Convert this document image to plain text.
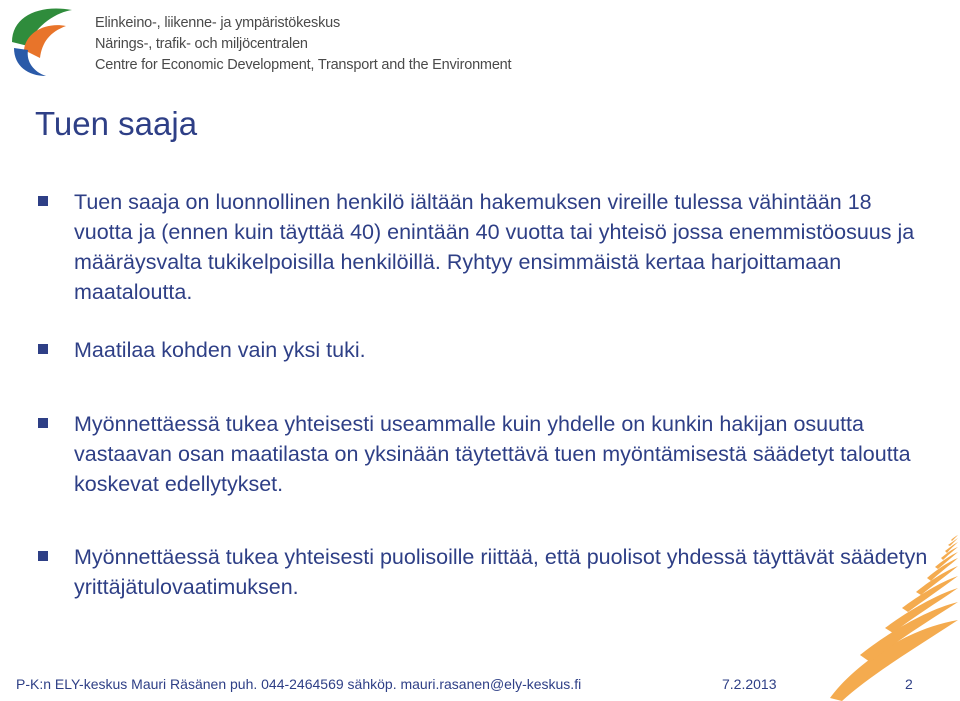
Elinkeino-, liikenne- ja ympäristökeskus
Närings-, trafik- och miljöcentralen
Centre for Economic Development, Transport and the Environment
Tuen saaja
Tuen saaja on luonnollinen henkilö iältään hakemuksen vireille tulessa vähintään 18 vuotta ja (ennen kuin täyttää 40) enintään 40 vuotta tai yhteisö jossa enemmistöosuus ja määräysvalta tukikelpoisilla henkilöillä. Ryhtyy ensimmäistä kertaa harjoittamaan maataloutta.
Maatilaa kohden vain yksi tuki.
Myönnettäessä tukea yhteisesti useammalle kuin yhdelle on kunkin hakijan osuutta vastaavan osan maatilasta on yksinään täytettävä tuen myöntämisestä säädetyt taloutta koskevat edellytykset.
Myönnettäessä tukea yhteisesti puolisoille riittää, että puolisot yhdessä täyttävät säädetyn yrittäjätulovaatimuksen.
P-K:n ELY-keskus Mauri Räsänen puh. 044-2464569 sähköp. mauri.rasanen@ely-keskus.fi	7.2.2013	2
